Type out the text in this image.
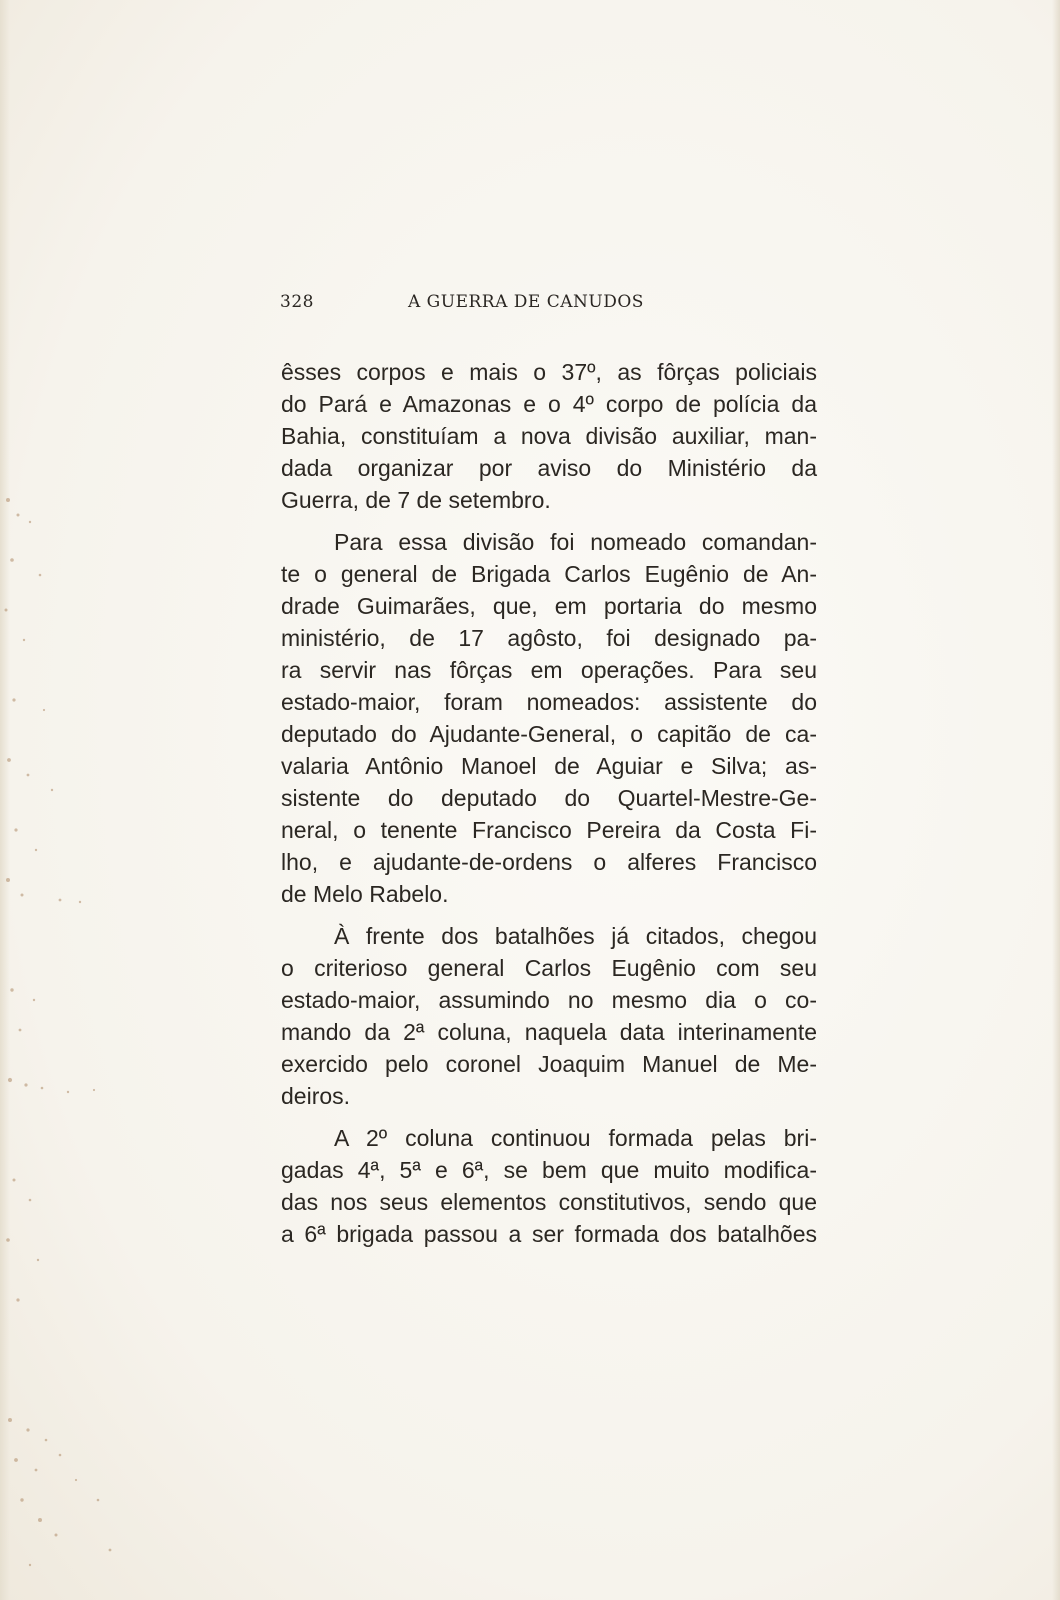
328	A GUERRA DE CANUDOS
êsses corpos e mais o 37º, as fôrças policiais
do Pará e Amazonas e o 4º corpo de polícia da
Bahia, constituíam a nova divisão auxiliar, man-
dada organizar por aviso do Ministério da
Guerra, de 7 de setembro.
Para essa divisão foi nomeado comandan-
te o general de Brigada Carlos Eugênio de An-
drade Guimarães, que, em portaria do mesmo
ministério, de 17 agôsto, foi designado pa-
ra servir nas fôrças em operações. Para seu
estado-maior, foram nomeados: assistente do
deputado do Ajudante-General, o capitão de ca-
valaria Antônio Manoel de Aguiar e Silva; as-
sistente do deputado do Quartel-Mestre-Ge-
neral, o tenente Francisco Pereira da Costa Fi-
lho, e ajudante-de-ordens o alferes Francisco
de Melo Rabelo.
À frente dos batalhões já citados, chegou
o criterioso general Carlos Eugênio com seu
estado-maior, assumindo no mesmo dia o co-
mando da 2ª coluna, naquela data interinamente
exercido pelo coronel Joaquim Manuel de Me-
deiros.
A 2º coluna continuou formada pelas bri-
gadas 4ª, 5ª e 6ª, se bem que muito modifica-
das nos seus elementos constitutivos, sendo que
a 6ª brigada passou a ser formada dos batalhões
